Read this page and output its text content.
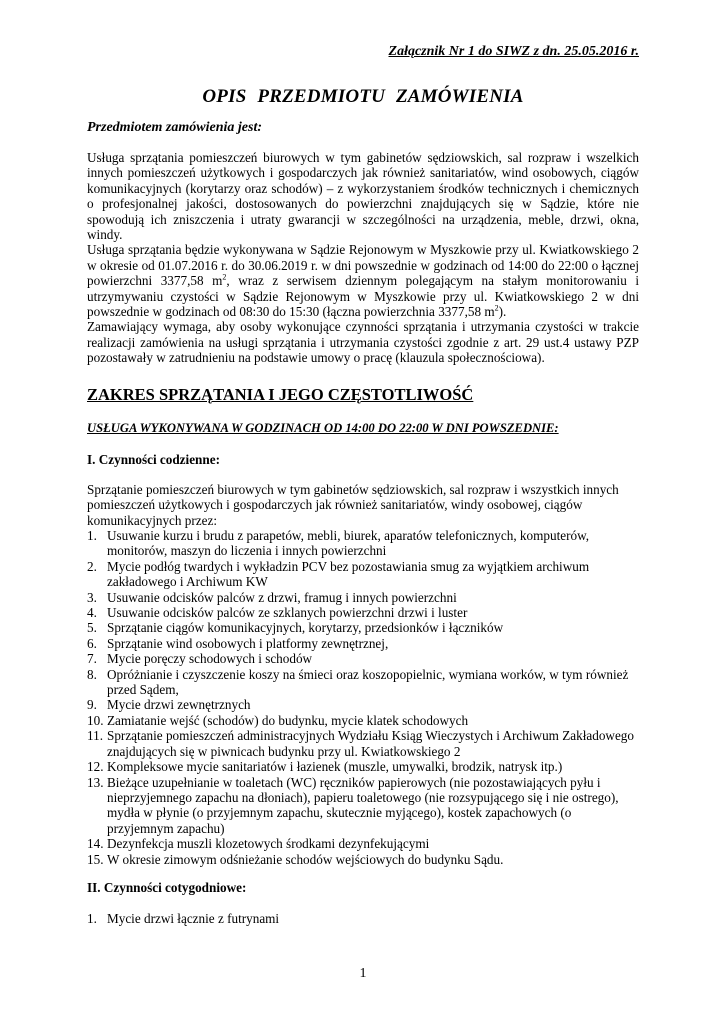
Załącznik Nr 1 do SIWZ z dn. 25.05.2016 r.
OPIS PRZEDMIOTU ZAMÓWIENIA
Przedmiotem zamówienia jest:

Usługa sprzątania pomieszczeń biurowych w tym gabinetów sędziowskich, sal rozpraw i wszelkich innych pomieszczeń użytkowych i gospodarczych jak również sanitariatów, wind osobowych, ciągów komunikacyjnych (korytarzy oraz schodów) – z wykorzystaniem środków technicznych i chemicznych o profesjonalnej jakości, dostosowanych do powierzchni znajdujących się w Sądzie, które nie spowodują ich zniszczenia i utraty gwarancji w szczególności na urządzenia, meble, drzwi, okna, windy.

Usługa sprzątania będzie wykonywana w Sądzie Rejonowym w Myszkowie przy ul. Kwiatkowskiego 2 w okresie od 01.07.2016 r. do 30.06.2019 r. w dni powszednie w godzinach od 14:00 do 22:00 o łącznej powierzchni 3377,58 $m^2$, wraz z serwisem dziennym polegającym na stałym monitorowaniu i utrzymywaniu czystości w Sądzie Rejonowym w Myszkowie przy ul. Kwiatkowskiego 2 w dni powszednie w godzinach od 08:30 do 15:30 (łączna powierzchnia 3377,58 $m^2$).

Zamawiający wymaga, aby osoby wykonujące czynności sprzątania i utrzymania czystości w trakcie realizacji zamówienia na usługi sprzątania i utrzymania czystości zgodnie z art. 29 ust.4 ustawy PZP pozostawały w zatrudnieniu na podstawie umowy o pracę (klauzula społecznościowa).

ZAKRES SPRZĄTANIA I JEGO CZĘSTOTLIWOŚĆ
USŁUGA WYKONYWANA W GODZINACH OD 14:00 DO 22:00 W DNI POWSZEDNIE:
I. Czynności codzienne:
Sprzątanie pomieszczeń biurowych w tym gabinetów sędziowskich, sal rozpraw i wszystkich innych pomieszczeń użytkowych i gospodarczych jak również sanitariatów, windy osobowej, ciągów komunikacyjnych przez:
1. Usuwanie kurzu i brudu z parapetów, mebli, biurek, aparatów telefonicznych, komputerów, monitorów, maszyn do liczenia i innych powierzchni
2. Mycie podłóg twardych i wykładzin PCV bez pozostawiania smug za wyjątkiem archiwum zakładowego i Archiwum KW
3. Usuwanie odcisków palców z drzwi, framug i innych powierzchni
4. Usuwanie odcisków palców ze szklanych powierzchni drzwi i luster
5. Sprzątanie ciągów komunikacyjnych, korytarzy, przedsionków i łączników
6. Sprzątanie wind osobowych i platformy zewnętrznej,
7. Mycie poręczy schodowych i schodów
8. Opróżnianie i czyszczenie koszy na śmieci oraz koszopopielnic, wymiana worków, w tym również przed Sądem,
9. Mycie drzwi zewnętrznych
10. Zamiatanie wejść (schodów) do budynku, mycie klatek schodowych
11. Sprzątanie pomieszczeń administracyjnych Wydziału Ksiąg Wieczystych i Archiwum Zakładowego znajdujących się w piwnicach budynku przy ul. Kwiatkowskiego 2
12. Kompleksowe mycie sanitariatów i łazienek (muszle, umywalki, brodzik, natrysk itp.)
13. Bieżące uzupełnianie w toaletach (WC) ręczników papierowych (nie pozostawiających pyłu i nieprzyjemnego zapachu na dłoniach), papieru toaletowego (nie rozsypującego się i nie ostrego), mydła w płynie (o przyjemnym zapachu, skutecznie myjącego), kostek zapachowych (o przyjemnym zapachu)
14. Dezynfekcja muszli klozetowych środkami dezynfekującymi
15. W okresie zimowym odśnieżanie schodów wejściowych do budynku Sądu.
II. Czynności cotygodniowe:
1. Mycie drzwi łącznie z futrynami
1
